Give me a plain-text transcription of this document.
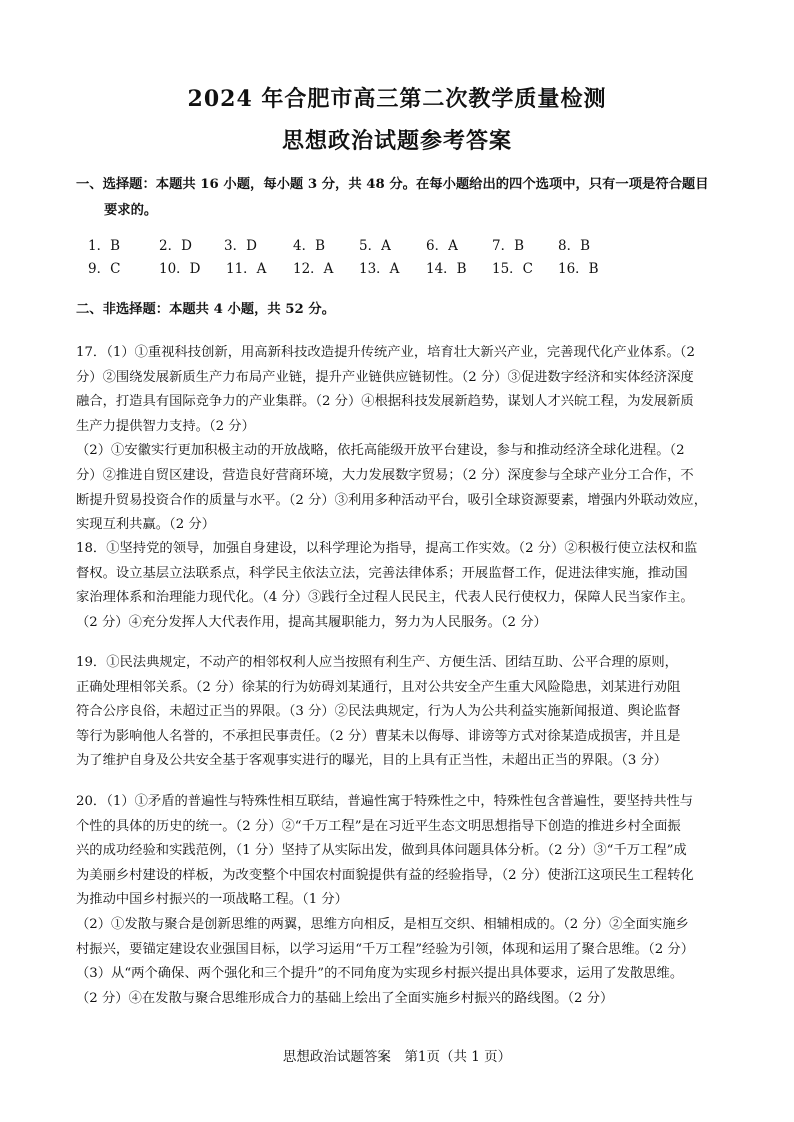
2024 年合肥市高三第二次教学质量检测
思想政治试题参考答案
一、选择题：本题共 16 小题，每小题 3 分，共 48 分。在每小题给出的四个选项中，只有一项是符合题目
要求的。
1．B	2．D 3．D	4．B	5．A	6．A	7．B	8．B
9．C	10．D 11．A 12．A 13．A 14．B 15．C 16．B
二、非选择题：本题共 4 小题，共 52 分。
17．（1）①重视科技创新，用高新科技改造提升传统产业，培育壮大新兴产业，完善现代化产业体系。（2
分）②围绕发展新质生产力布局产业链，提升产业链供应链韧性。（2 分）③促进数字经济和实体经济深度
融合，打造具有国际竞争力的产业集群。（2 分）④根据科技发展新趋势，谋划人才兴皖工程，为发展新质
生产力提供智力支持。（2 分）
（2）①安徽实行更加积极主动的开放战略，依托高能级开放平台建设，参与和推动经济全球化进程。（2
分）②推进自贸区建设，营造良好营商环境，大力发展数字贸易；（2 分）深度参与全球产业分工合作，不
断提升贸易投资合作的质量与水平。（2 分）③利用多种活动平台，吸引全球资源要素，增强内外联动效应，
实现互利共赢。（2 分）
18．①坚持党的领导，加强自身建设，以科学理论为指导，提高工作实效。（2 分）②积极行使立法权和监
督权。设立基层立法联系点，科学民主依法立法，完善法律体系；开展监督工作，促进法律实施，推动国
家治理体系和治理能力现代化。（4 分）③践行全过程人民民主，代表人民行使权力，保障人民当家作主。
（2 分）④充分发挥人大代表作用，提高其履职能力，努力为人民服务。（2 分）
19．①民法典规定，不动产的相邻权利人应当按照有利生产、方便生活、团结互助、公平合理的原则，
正确处理相邻关系。（2 分）徐某的行为妨碍刘某通行，且对公共安全产生重大风险隐患，刘某进行劝阻
符合公序良俗，未超过正当的界限。（3 分）②民法典规定，行为人为公共利益实施新闻报道、舆论监督
等行为影响他人名誉的，不承担民事责任。（2 分）曹某未以侮辱、诽谤等方式对徐某造成损害，并且是
为了维护自身及公共安全基于客观事实进行的曝光，目的上具有正当性，未超出正当的界限。（3 分）
20．（1）①矛盾的普遍性与特殊性相互联结，普遍性寓于特殊性之中，特殊性包含普遍性，要坚持共性与
个性的具体的历史的统一。（2 分）②“千万工程”是在习近平生态文明思想指导下创造的推进乡村全面振
兴的成功经验和实践范例，（1 分）坚持了从实际出发，做到具体问题具体分析。（2 分）③“千万工程”成
为美丽乡村建设的样板，为改变整个中国农村面貌提供有益的经验指导，（2 分）使浙江这项民生工程转化
为推动中国乡村振兴的一项战略工程。（1 分）
（2）①发散与聚合是创新思维的两翼，思维方向相反，是相互交织、相辅相成的。（2 分）②全面实施乡
村振兴，要锚定建设农业强国目标，以学习运用“千万工程”经验为引领，体现和运用了聚合思维。（2 分）
（3）从“两个确保、两个强化和三个提升”的不同角度为实现乡村振兴提出具体要求，运用了发散思维。
（2 分）④在发散与聚合思维形成合力的基础上绘出了全面实施乡村振兴的路线图。（2 分）
思想政治试题答案　第1页（共 1 页）
